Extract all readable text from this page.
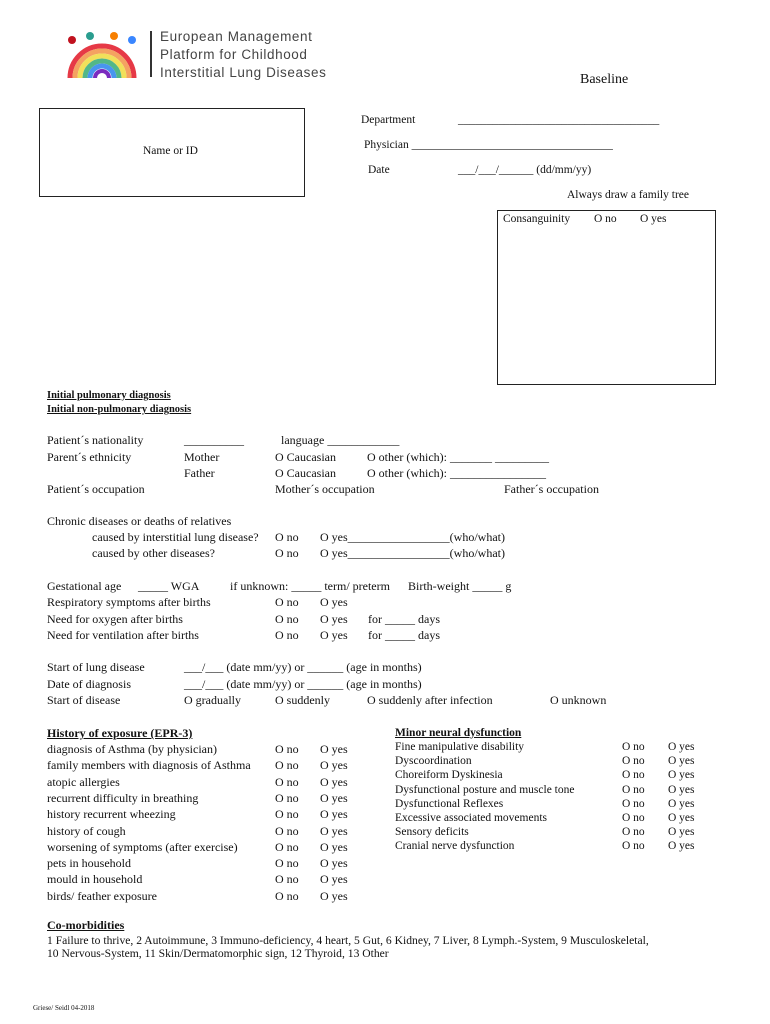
European Management
Platform for Childhood
Interstitial Lung Diseases	Baseline
Name or ID
Department	___________________________________
Physician ___________________________________
Date	___/___/______ (dd/mm/yy)
Always draw a family tree
Consanguinity O no O yes
Initial pulmonary diagnosis
Initial non-pulmonary diagnosis
Patient´s nationality	__________	language ____________
Parent´s ethnicity	Mother	O Caucasian	O other (which): _______ _________
Father	O Caucasian	O other (which): ________________
Patient´s occupation	Mother´s occupation	Father´s occupation
Chronic diseases or deaths of relatives
caused by interstitial lung disease? O no O yes_________________(who/what)
caused by other diseases?	O no O yes_________________(who/what)
Gestational age _____ WGA	if unknown: _____ term/ preterm Birth-weight _____ g
Respiratory symptoms after births	O no O yes
Need for oxygen after births	O no O yes for _____ days
Need for ventilation after births	O no O yes for _____ days
Start of lung disease	___/___ (date mm/yy) or ______ (age in months)
Date of diagnosis	___/___ (date mm/yy) or ______ (age in months)
Start of disease	O gradually	O suddenly	O suddenly after infection	O unknown
History of exposure (EPR-3)
diagnosis of Asthma (by physician)	O no O yes
family members with diagnosis of Asthma O no O yes
atopic allergies	O no O yes
recurrent difficulty in breathing	O no O yes
history recurrent wheezing	O no O yes
history of cough	O no O yes
worsening of symptoms (after exercise)	O no O yes
pets in household	O no O yes
mould in household	O no O yes
birds/ feather exposure	O no O yes
Minor neural dysfunction
Fine manipulative disability	O no O yes
Dyscoordination	O no O yes
Choreiform Dyskinesia	O no O yes
Dysfunctional posture and muscle tone	O no O yes
Dysfunctional Reflexes	O no O yes
Excessive associated movements	O no O yes
Sensory deficits	O no O yes
Cranial nerve dysfunction	O no O yes
Co-morbidities
1 Failure to thrive, 2 Autoimmune, 3 Immuno-deficiency, 4 heart, 5 Gut, 6 Kidney, 7 Liver, 8 Lymph.-System, 9 Musculoskeletal,
10 Nervous-System, 11 Skin/Dermatomorphic sign, 12 Thyroid, 13 Other
Griese/ Seidl 04-2018
